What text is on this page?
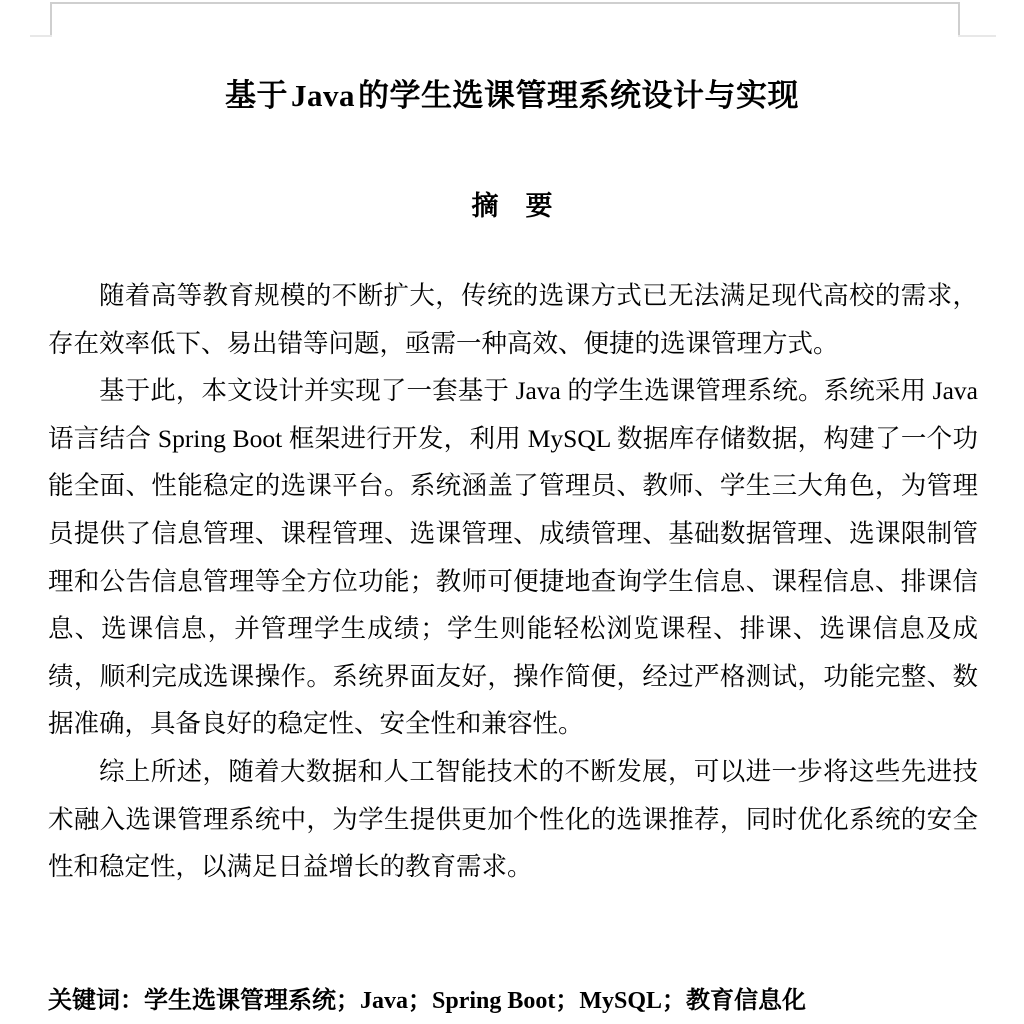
基于Java的学生选课管理系统设计与实现
摘    要

随着高等教育规模的不断扩大，传统的选课方式已无法满足现代高校的需求，存在效率低下、易出错等问题，亟需一种高效、便捷的选课管理方式。

基于此，本文设计并实现了一套基于 Java 的学生选课管理系统。系统采用 Java 语言结合 Spring Boot 框架进行开发，利用 MySQL 数据库存储数据，构建了一个功能全面、性能稳定的选课平台。系统涵盖了管理员、教师、学生三大角色，为管理员提供了信息管理、课程管理、选课管理、成绩管理、基础数据管理、选课限制管理和公告信息管理等全方位功能；教师可便捷地查询学生信息、课程信息、排课信息、选课信息，并管理学生成绩；学生则能轻松浏览课程、排课、选课信息及成绩，顺利完成选课操作。系统界面友好，操作简便，经过严格测试，功能完整、数据准确，具备良好的稳定性、安全性和兼容性。

综上所述，随着大数据和人工智能技术的不断发展，可以进一步将这些先进技术融入选课管理系统中，为学生提供更加个性化的选课推荐，同时优化系统的安全性和稳定性，以满足日益增长的教育需求。

关键词：学生选课管理系统；Java；Spring Boot；MySQL；教育信息化
